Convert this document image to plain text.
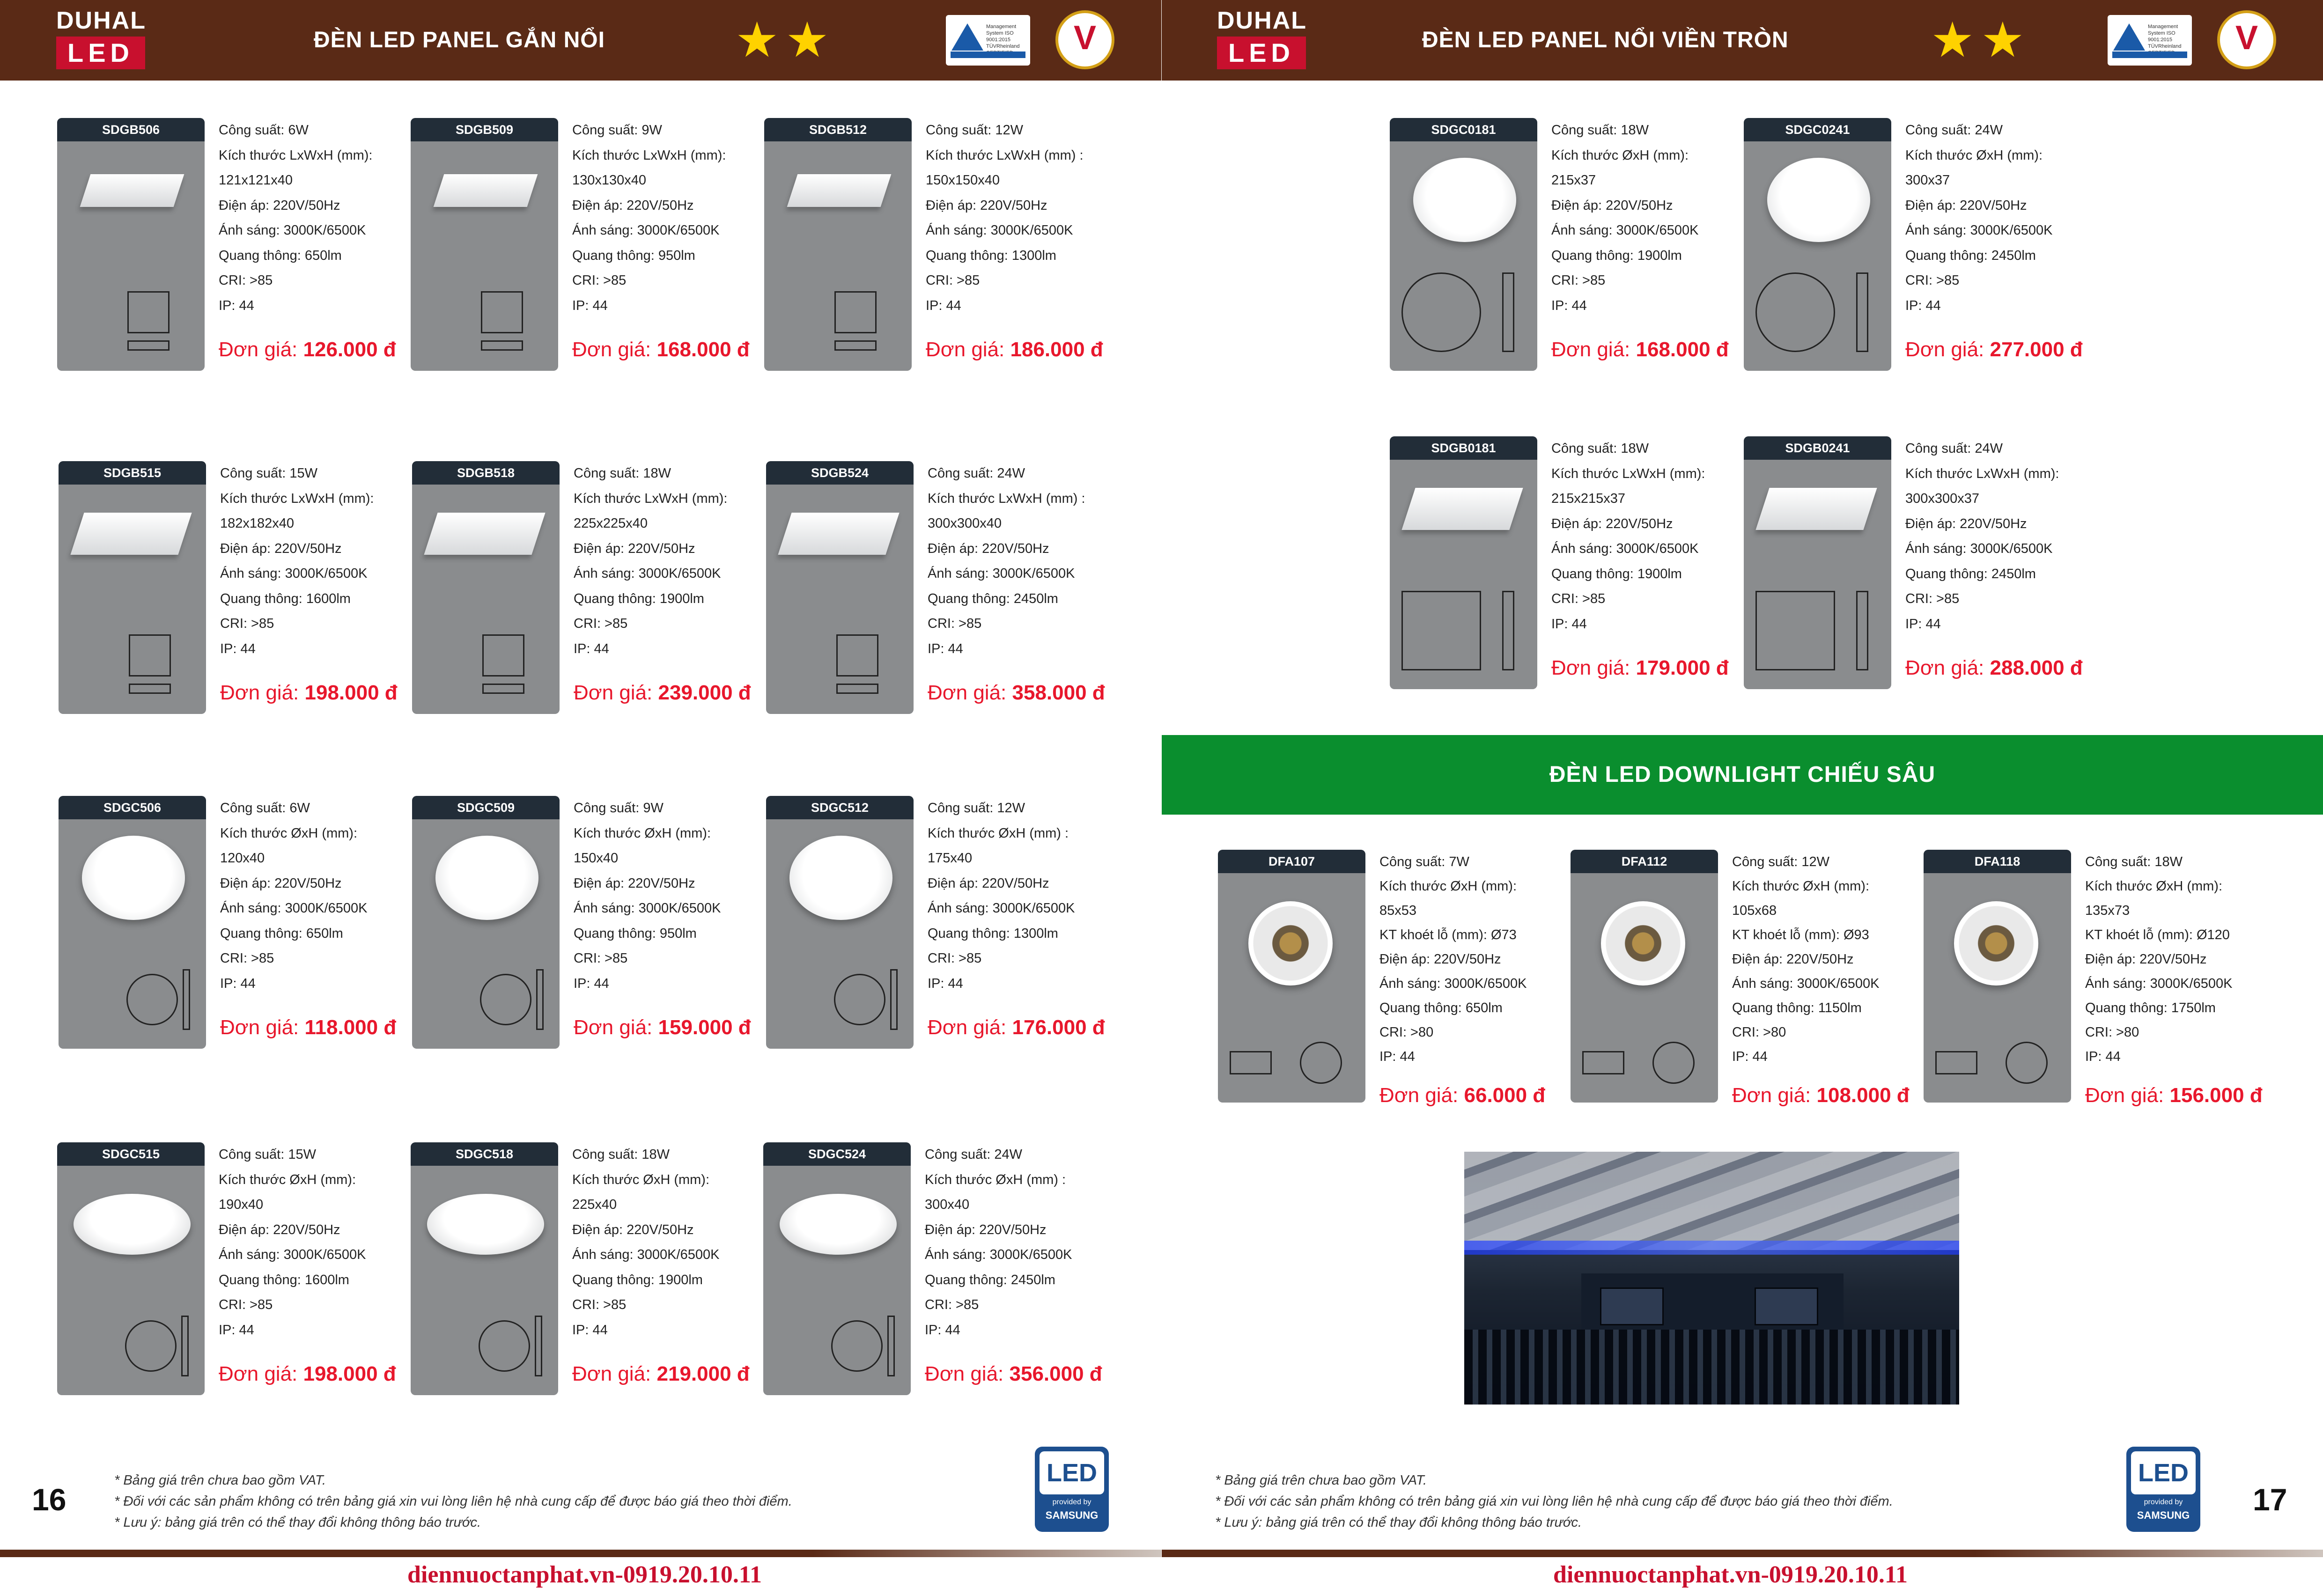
DUHAL
LED	ĐÈN LED PANEL GẮN NỔI	★★	Management System ISO 9001:2015 TÜVRheinland	V
SDGB506	Công suất: 6W
Kích thước LxWxH (mm):
121x121x40
Điện áp: 220V/50Hz
Ánh sáng: 3000K/6500K
Quang thông: 650lm
CRI: >85
IP: 44
Đơn giá: 126.000 đ
SDGB509	Công suất: 9W
Kích thước LxWxH (mm):
130x130x40
Điện áp: 220V/50Hz
Ánh sáng: 3000K/6500K
Quang thông: 950lm
CRI: >85
IP: 44
Đơn giá: 168.000 đ
SDGB512	Công suất: 12W
Kích thước LxWxH (mm) :
150x150x40
Điện áp: 220V/50Hz
Ánh sáng: 3000K/6500K
Quang thông: 1300lm
CRI: >85
IP: 44
Đơn giá: 186.000 đ
SDGB515	Công suất: 15W
Kích thước LxWxH (mm):
182x182x40
Điện áp: 220V/50Hz
Ánh sáng: 3000K/6500K
Quang thông: 1600lm
CRI: >85
IP: 44
Đơn giá: 198.000 đ
SDGB518	Công suất: 18W
Kích thước LxWxH (mm):
225x225x40
Điện áp: 220V/50Hz
Ánh sáng: 3000K/6500K
Quang thông: 1900lm
CRI: >85
IP: 44
Đơn giá: 239.000 đ
SDGB524	Công suất: 24W
Kích thước LxWxH (mm) :
300x300x40
Điện áp: 220V/50Hz
Ánh sáng: 3000K/6500K
Quang thông: 2450lm
CRI: >85
IP: 44
Đơn giá: 358.000 đ
SDGC506	Công suất: 6W
Kích thước ØxH (mm):
120x40
Điện áp: 220V/50Hz
Ánh sáng: 3000K/6500K
Quang thông: 650lm
CRI: >85
IP: 44
Đơn giá: 118.000 đ
SDGC509	Công suất: 9W
Kích thước ØxH (mm):
150x40
Điện áp: 220V/50Hz
Ánh sáng: 3000K/6500K
Quang thông: 950lm
CRI: >85
IP: 44
Đơn giá: 159.000 đ
SDGC512	Công suất: 12W
Kích thước ØxH (mm) :
175x40
Điện áp: 220V/50Hz
Ánh sáng: 3000K/6500K
Quang thông: 1300lm
CRI: >85
IP: 44
Đơn giá: 176.000 đ
SDGC515	Công suất: 15W
Kích thước ØxH (mm):
190x40
Điện áp: 220V/50Hz
Ánh sáng: 3000K/6500K
Quang thông: 1600lm
CRI: >85
IP: 44
Đơn giá: 198.000 đ
SDGC518	Công suất: 18W
Kích thước ØxH (mm):
225x40
Điện áp: 220V/50Hz
Ánh sáng: 3000K/6500K
Quang thông: 1900lm
CRI: >85
IP: 44
Đơn giá: 219.000 đ
SDGC524	Công suất: 24W
Kích thước ØxH (mm) :
300x40
Điện áp: 220V/50Hz
Ánh sáng: 3000K/6500K
Quang thông: 2450lm
CRI: >85
IP: 44
Đơn giá: 356.000 đ
16
* Bảng giá trên chưa bao gồm VAT.
* Đối với các sản phẩm không có trên bảng giá xin vui lòng liên hệ nhà cung cấp để được báo giá theo thời điểm.
* Lưu ý: bảng giá trên có thể thay đổi không thông báo trước.
LED
provided by
SAMSUNG
diennuoctanphat.vn-0919.20.10.11
DUHAL
LED	ĐÈN LED PANEL NỔI VIỀN TRÒN	★★	Management System ISO 9001:2015 TÜVRheinland	V
SDGC0181	Công suất: 18W
Kích thước ØxH (mm):
215x37
Điện áp: 220V/50Hz
Ánh sáng: 3000K/6500K
Quang thông: 1900lm
CRI: >85
IP: 44
Đơn giá: 168.000 đ
SDGC0241	Công suất: 24W
Kích thước ØxH (mm):
300x37
Điện áp: 220V/50Hz
Ánh sáng: 3000K/6500K
Quang thông: 2450lm
CRI: >85
IP: 44
Đơn giá: 277.000 đ
SDGB0181	Công suất: 18W
Kích thước LxWxH (mm):
215x215x37
Điện áp: 220V/50Hz
Ánh sáng: 3000K/6500K
Quang thông: 1900lm
CRI: >85
IP: 44
Đơn giá: 179.000 đ
SDGB0241	Công suất: 24W
Kích thước LxWxH (mm):
300x300x37
Điện áp: 220V/50Hz
Ánh sáng: 3000K/6500K
Quang thông: 2450lm
CRI: >85
IP: 44
Đơn giá: 288.000 đ
ĐÈN LED DOWNLIGHT CHIẾU SÂU
DFA107	Công suất: 7W
Kích thước ØxH (mm):
85x53
KT khoét lỗ (mm): Ø73
Điện áp: 220V/50Hz
Ánh sáng: 3000K/6500K
Quang thông: 650lm
CRI: >80
IP: 44
Đơn giá: 66.000 đ
DFA112	Công suất: 12W
Kích thước ØxH (mm):
105x68
KT khoét lỗ (mm): Ø93
Điện áp: 220V/50Hz
Ánh sáng: 3000K/6500K
Quang thông: 1150lm
CRI: >80
IP: 44
Đơn giá: 108.000 đ
DFA118	Công suất: 18W
Kích thước ØxH (mm):
135x73
KT khoét lỗ (mm): Ø120
Điện áp: 220V/50Hz
Ánh sáng: 3000K/6500K
Quang thông: 1750lm
CRI: >80
IP: 44
Đơn giá: 156.000 đ
* Bảng giá trên chưa bao gồm VAT.
* Đối với các sản phẩm không có trên bảng giá xin vui lòng liên hệ nhà cung cấp để được báo giá theo thời điểm.
* Lưu ý: bảng giá trên có thể thay đổi không thông báo trước.
LED
provided by
SAMSUNG	17
diennuoctanphat.vn-0919.20.10.11
